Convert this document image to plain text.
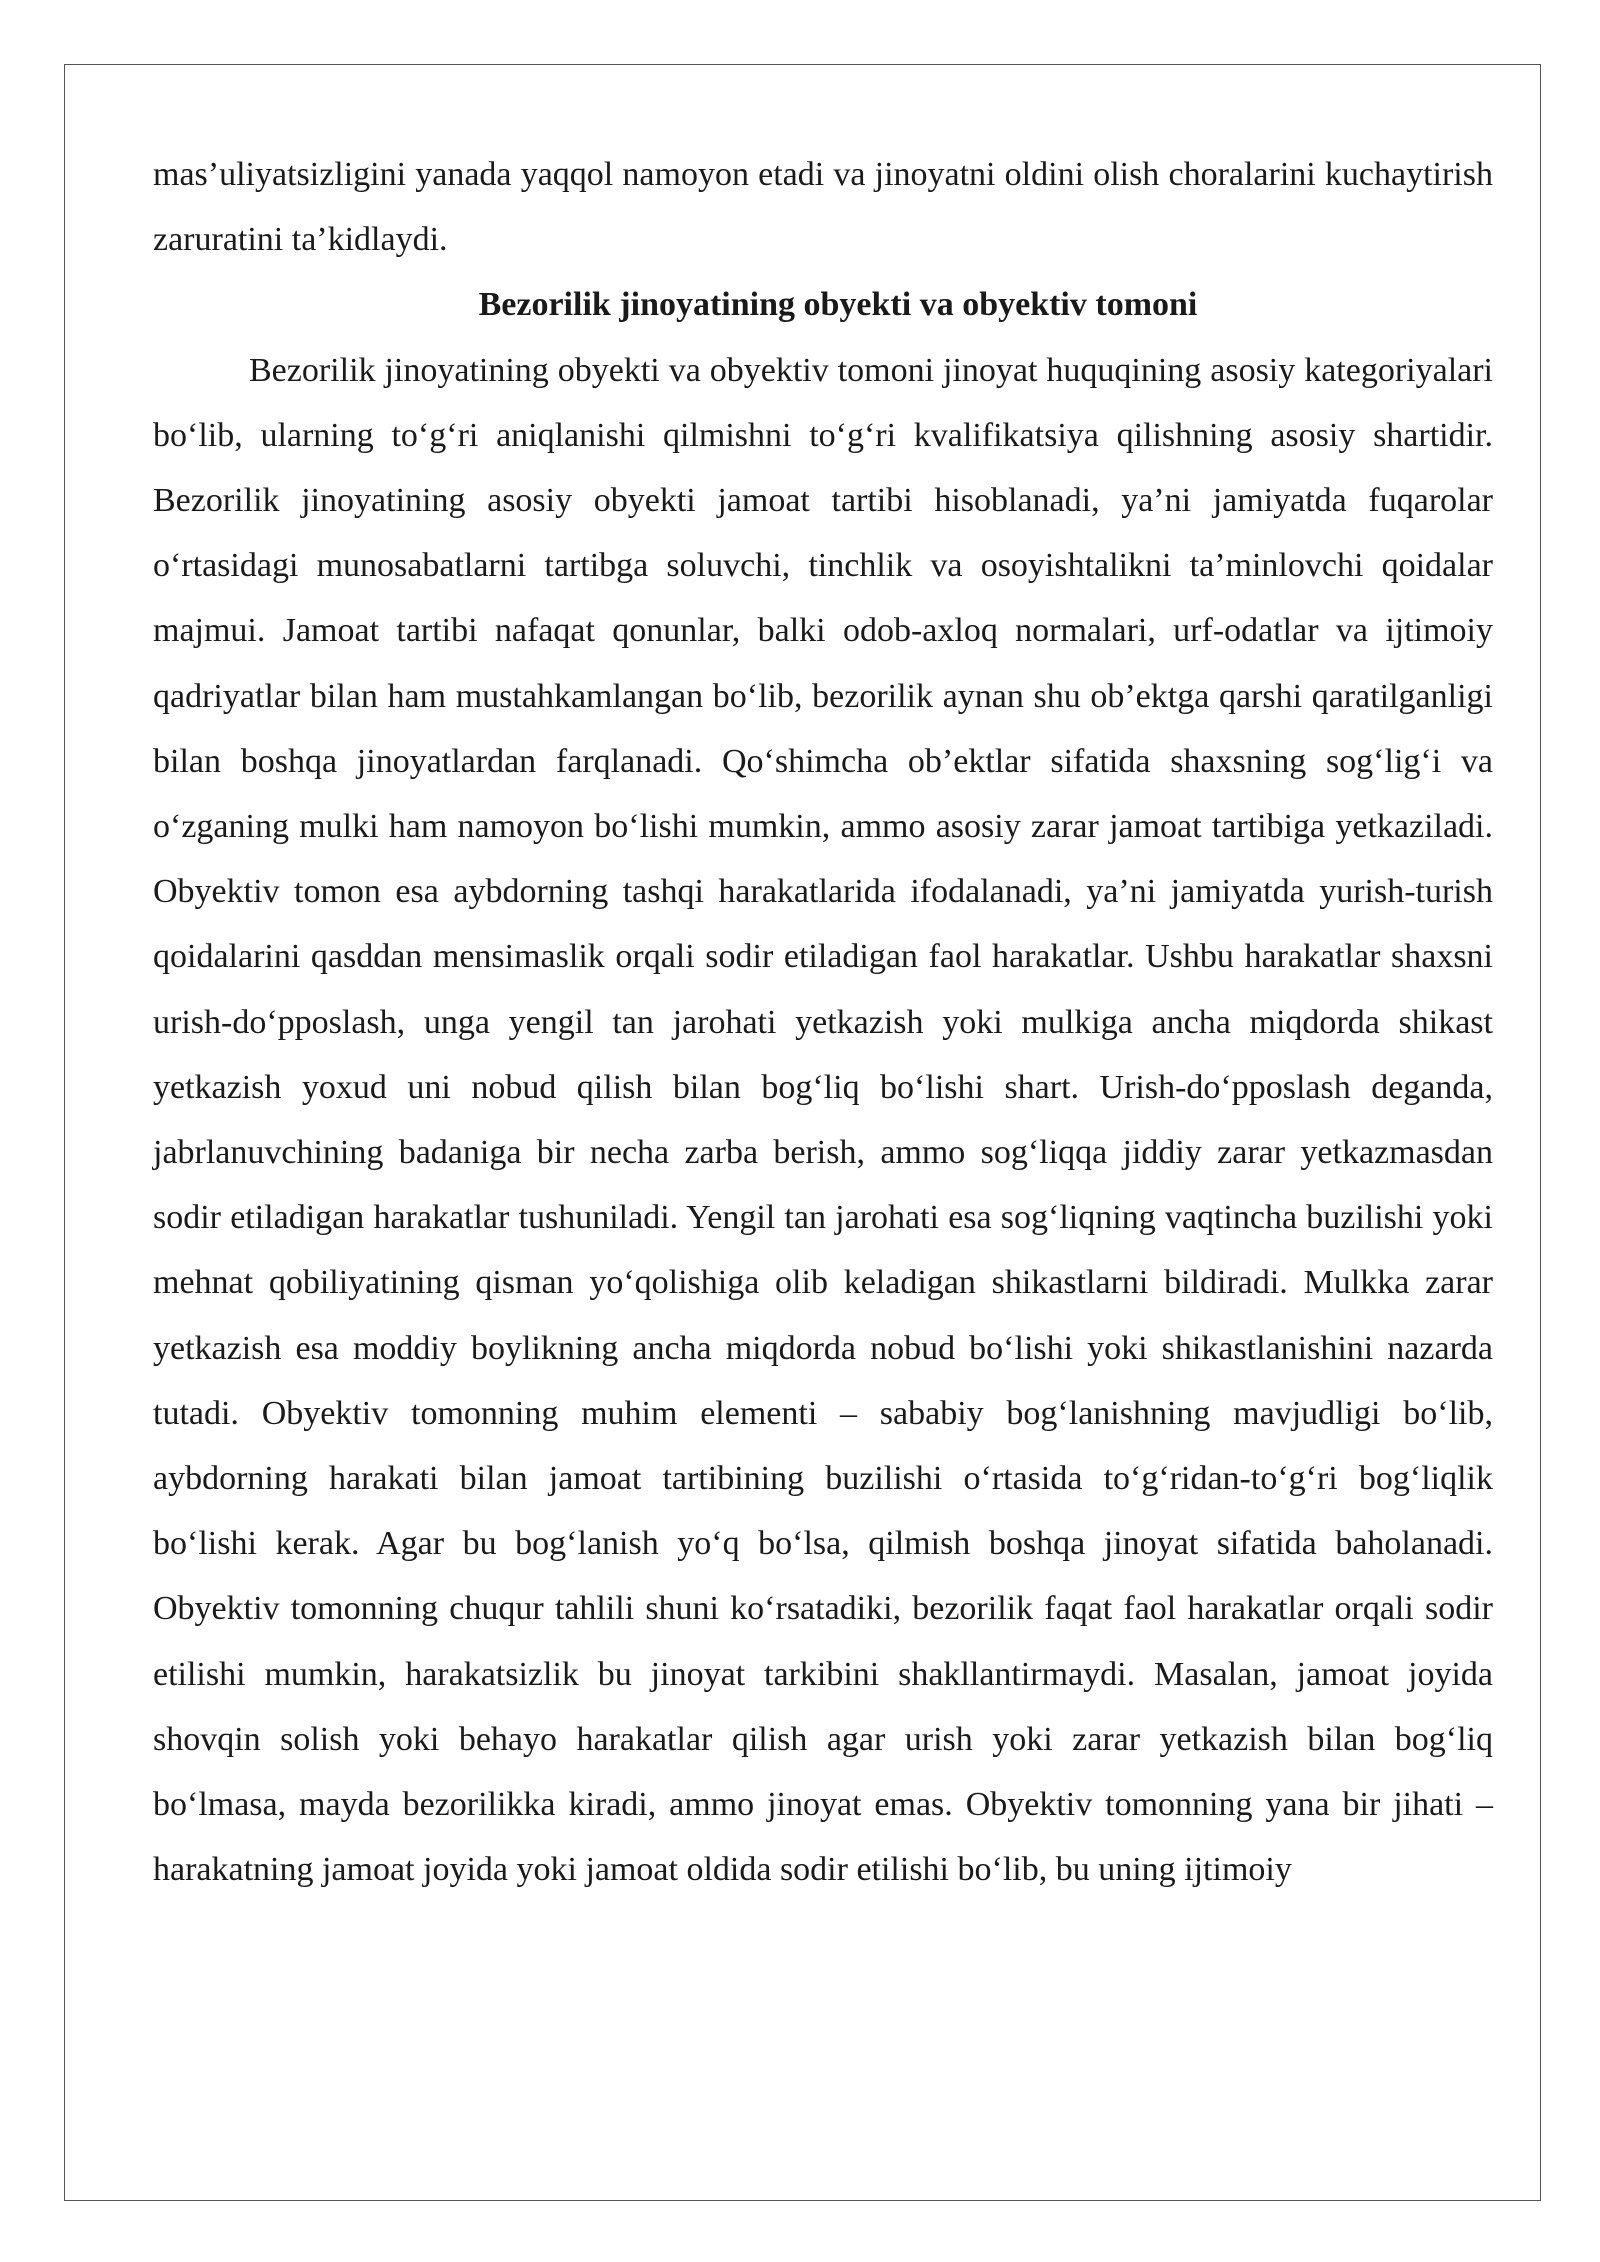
mas’uliyatsizligini yanada yaqqol namoyon etadi va jinoyatni oldini olish choralarini kuchaytirish zaruratini ta’kidlaydi.

Bezorilik jinoyatining obyekti va obyektiv tomoni

Bezorilik jinoyatining obyekti va obyektiv tomoni jinoyat huquqining asosiy kategoriyalari bo‘lib, ularning to‘g‘ri aniqlanishi qilmishni to‘g‘ri kvalifikatsiya qilishning asosiy shartidir. Bezorilik jinoyatining asosiy obyekti jamoat tartibi hisoblanadi, ya’ni jamiyatda fuqarolar o‘rtasidagi munosabatlarni tartibga soluvchi, tinchlik va osoyishtalikni ta’minlovchi qoidalar majmui. Jamoat tartibi nafaqat qonunlar, balki odob-axloq normalari, urf-odatlar va ijtimoiy qadriyatlar bilan ham mustahkamlangan bo‘lib, bezorilik aynan shu ob’ektga qarshi qaratilganligi bilan boshqa jinoyatlardan farqlanadi. Qo‘shimcha ob’ektlar sifatida shaxsning sog‘lig‘i va o‘zganing mulki ham namoyon bo‘lishi mumkin, ammo asosiy zarar jamoat tartibiga yetkaziladi. Obyektiv tomon esa aybdorning tashqi harakatlarida ifodalanadi, ya’ni jamiyatda yurish-turish qoidalarini qasddan mensimaslik orqali sodir etiladigan faol harakatlar. Ushbu harakatlar shaxsni urish-do‘pposlash, unga yengil tan jarohati yetkazish yoki mulkiga ancha miqdorda shikast yetkazish yoxud uni nobud qilish bilan bog‘liq bo‘lishi shart. Urish-do‘pposlash deganda, jabrlanuvchining badaniga bir necha zarba berish, ammo sog‘liqqa jiddiy zarar yetkazmasdan sodir etiladigan harakatlar tushuniladi. Yengil tan jarohati esa sog‘liqning vaqtincha buzilishi yoki mehnat qobiliyatining qisman yo‘qolishiga olib keladigan shikastlarni bildiradi. Mulkka zarar yetkazish esa moddiy boylikning ancha miqdorda nobud bo‘lishi yoki shikastlanishini nazarda tutadi. Obyektiv tomonning muhim elementi – sababiy bog‘lanishning mavjudligi bo‘lib, aybdorning harakati bilan jamoat tartibining buzilishi o‘rtasida to‘g‘ridan-to‘g‘ri bog‘liqlik bo‘lishi kerak. Agar bu bog‘lanish yo‘q bo‘lsa, qilmish boshqa jinoyat sifatida baholanadi. Obyektiv tomonning chuqur tahlili shuni ko‘rsatadiki, bezorilik faqat faol harakatlar orqali sodir etilishi mumkin, harakatsizlik bu jinoyat tarkibini shakllantirmaydi. Masalan, jamoat joyida shovqin solish yoki behayo harakatlar qilish agar urish yoki zarar yetkazish bilan bog‘liq bo‘lmasa, mayda bezorilikka kiradi, ammo jinoyat emas. Obyektiv tomonning yana bir jihati – harakatning jamoat joyida yoki jamoat oldida sodir etilishi bo‘lib, bu uning ijtimoiy
